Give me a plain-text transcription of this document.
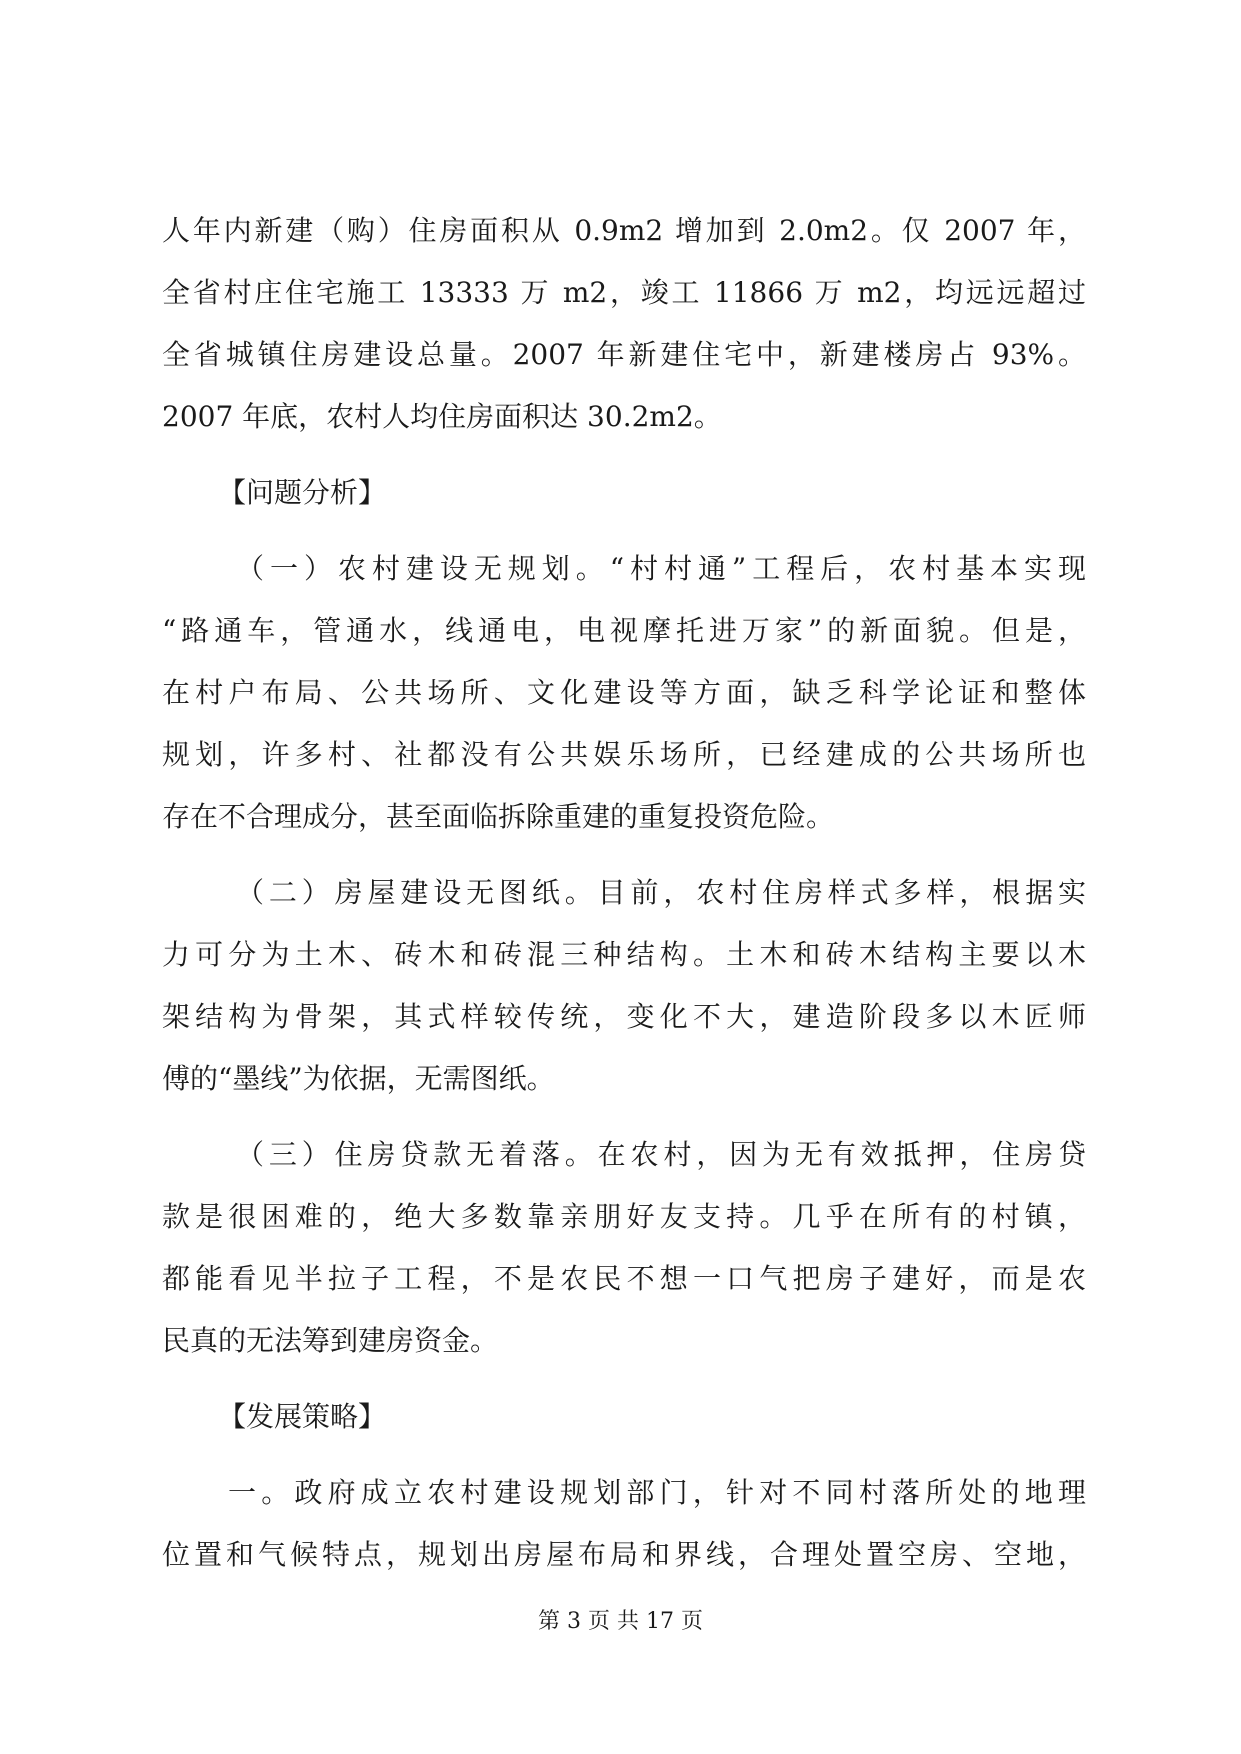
人年内新建（购）住房面积从 0.9m2 增加到 2.0m2。仅 2007 年，
全省村庄住宅施工 13333 万 m2，竣工 11866 万 m2，均远远超过
全省城镇住房建设总量。2007 年新建住宅中，新建楼房占 93%。
2007 年底，农村人均住房面积达 30.2m2。
【问题分析】
（一）农村建设无规划。“村村通”工程后，农村基本实现
“路通车，管通水，线通电，电视摩托进万家”的新面貌。但是，
在村户布局、公共场所、文化建设等方面，缺乏科学论证和整体
规划，许多村、社都没有公共娱乐场所，已经建成的公共场所也
存在不合理成分，甚至面临拆除重建的重复投资危险。
（二）房屋建设无图纸。目前，农村住房样式多样，根据实
力可分为土木、砖木和砖混三种结构。土木和砖木结构主要以木
架结构为骨架，其式样较传统，变化不大，建造阶段多以木匠师
傅的“墨线”为依据，无需图纸。
（三）住房贷款无着落。在农村，因为无有效抵押，住房贷
款是很困难的，绝大多数靠亲朋好友支持。几乎在所有的村镇，
都能看见半拉子工程，不是农民不想一口气把房子建好，而是农
民真的无法筹到建房资金。
【发展策略】
一。政府成立农村建设规划部门，针对不同村落所处的地理
位置和气候特点，规划出房屋布局和界线，合理处置空房、空地，
第 3 页 共 17 页
